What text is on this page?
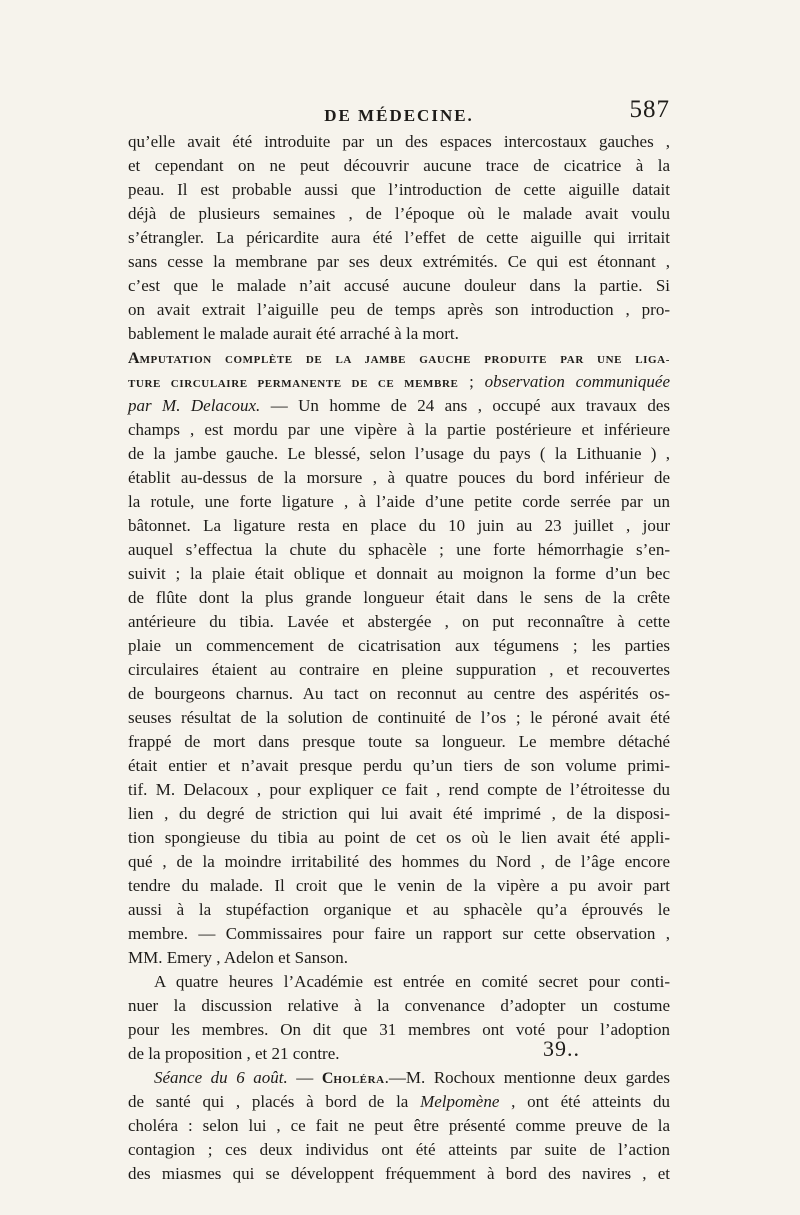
DE MÉDECINE.	587
qu’elle avait été introduite par un des espaces intercostaux gauches ,
et cependant on ne peut découvrir aucune trace de cicatrice à la
peau. Il est probable aussi que l’introduction de cette aiguille datait
déjà de plusieurs semaines , de l’époque où le malade avait voulu
s’étrangler. La péricardite aura été l’effet de cette aiguille qui irritait
sans cesse la membrane par ses deux extrémités. Ce qui est étonnant ,
c’est que le malade n’ait accusé aucune douleur dans la partie. Si
on avait extrait l’aiguille peu de temps après son introduction , pro-
bablement le malade aurait été arraché à la mort.
AMPUTATION COMPLÈTE DE LA JAMBE GAUCHE PRODUITE PAR UNE LIGA-
TURE CIRCULAIRE PERMANENTE DE CE MEMBRE ; observation communiquée
par M. Delacoux. — Un homme de 24 ans , occupé aux travaux des
champs , est mordu par une vipère à la partie postérieure et inférieure
de la jambe gauche. Le blessé, selon l’usage du pays ( la Lithuanie ) ,
établit au-dessus de la morsure , à quatre pouces du bord inférieur de
la rotule, une forte ligature , à l’aide d’une petite corde serrée par un
bâtonnet. La ligature resta en place du 10 juin au 23 juillet , jour
auquel s’effectua la chute du sphacèle ; une forte hémorrhagie s’en-
suivit ; la plaie était oblique et donnait au moignon la forme d’un bec
de flûte dont la plus grande longueur était dans le sens de la crête
antérieure du tibia. Lavée et abstergée , on put reconnaître à cette
plaie un commencement de cicatrisation aux tégumens ; les parties
circulaires étaient au contraire en pleine suppuration , et recouvertes
de bourgeons charnus. Au tact on reconnut au centre des aspérités os-
seuses résultat de la solution de continuité de l’os ; le péroné avait été
frappé de mort dans presque toute sa longueur. Le membre détaché
était entier et n’avait presque perdu qu’un tiers de son volume primi-
tif. M. Delacoux , pour expliquer ce fait , rend compte de l’étroitesse du
lien , du degré de striction qui lui avait été imprimé , de la disposi-
tion spongieuse du tibia au point de cet os où le lien avait été appli-
qué , de la moindre irritabilité des hommes du Nord , de l’âge encore
tendre du malade. Il croit que le venin de la vipère a pu avoir part
aussi à la stupéfaction organique et au sphacèle qu’a éprouvés le
membre. — Commissaires pour faire un rapport sur cette observation ,
MM. Emery , Adelon et Sanson.
A quatre heures l’Académie est entrée en comité secret pour conti-
nuer la discussion relative à la convenance d’adopter un costume
pour les membres. On dit que 31 membres ont voté pour l’adoption
de la proposition , et 21 contre.
Séance du 6 août. — CHOLÉRA.—M. Rochoux mentionne deux gardes
de santé qui , placés à bord de la Melpomène , ont été atteints du
choléra : selon lui , ce fait ne peut être présenté comme preuve de la
contagion ; ces deux individus ont été atteints par suite de l’action
des miasmes qui se développent fréquemment à bord des navires , et
39..
